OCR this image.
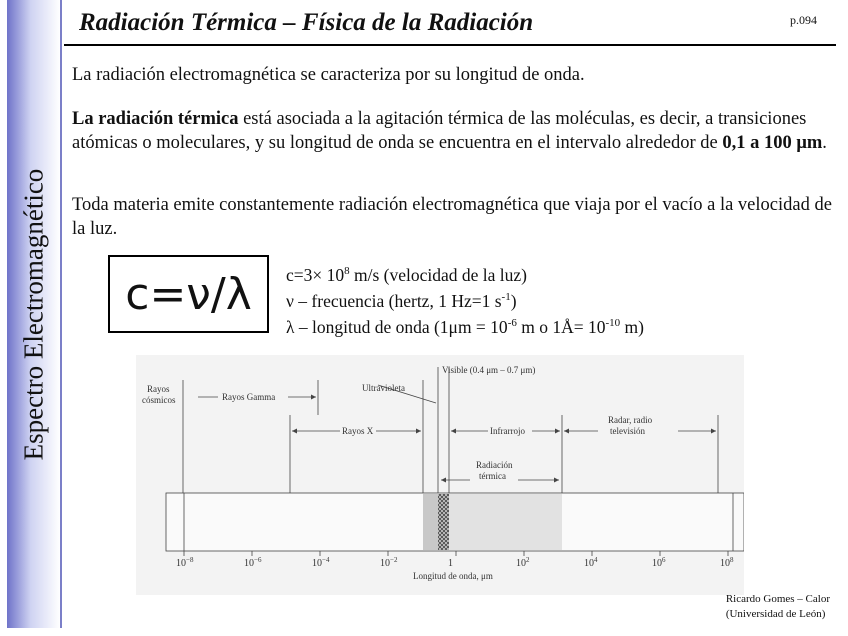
Espectro Electromagnético
Radiación Térmica – Física de la Radiación	p.094

La radiación electromagnética se caracteriza por su longitud de onda.

La radiación térmica está asociada a la agitación térmica de las moléculas, es decir, a transiciones atómicas o moleculares, y su longitud de onda se encuentra en el intervalo alrededor de 0,1 a 100 μm.

Toda materia emite constantemente radiación electromagnética que viaja por el vacío a la velocidad de la luz.

c=ν/λ $c=3\times 10^8$ m/s (velocidad de la luz)
ν – frecuencia (hertz, 1 Hz=1 $s^{-1}$)
λ – longitud de onda ($1\mu m = 10^{-6}$ m o 1Å= $10^{-10}$ m)
Visible (0.4 μm – 0.7 μm)
Rayos
cósmicos	Rayos Gamma
Ultravioleta
Rayos X	Infrarrojo
Radar, radio
televisión
Radiación
térmica
Longitud de onda, μm
$10^{-8}$	$10^{-6}$	$10^{-4}$	$10^{-2}$	1	$10^2$	$10^4$	$10^6$	$10^8$
Ricardo Gomes – Calor
(Universidad de León)
